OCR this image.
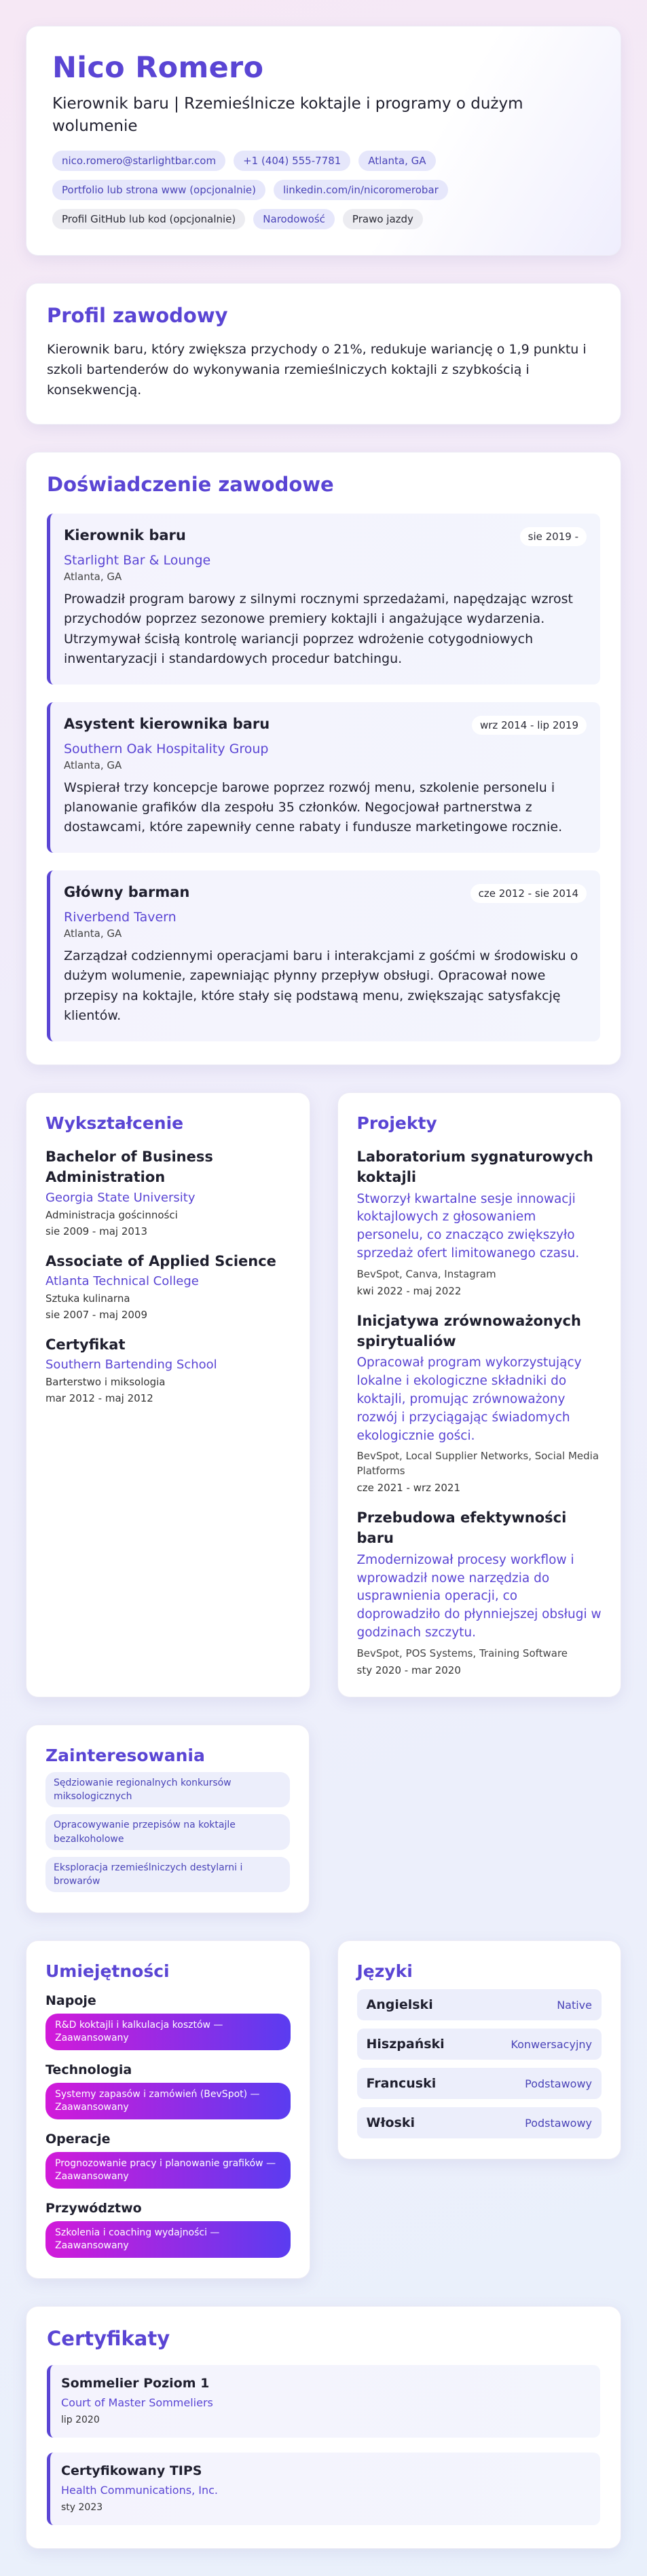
Nico Romero
Kierownik baru | Rzemieślnicze koktajle i programy o dużym wolumenie
nico.romero@starlightbar.com	+1 (404) 555-7781	Atlanta, GA
Portfolio lub strona www (opcjonalnie)	linkedin.com/in/nicoromerobar
Profil GitHub lub kod (opcjonalnie)	Narodowość	Prawo jazdy
Profil zawodowy
Kierownik baru, który zwiększa przychody o 21%, redukuje wariancję o 1,9 punktu i szkoli bartenderów do wykonywania rzemieślniczych koktajli z szybkością i konsekwencją.
Doświadczenie zawodowe
Kierownik baru	sie 2019 -
Starlight Bar & Lounge
Atlanta, GA
Prowadził program barowy z silnymi rocznymi sprzedażami, napędzając wzrost przychodów poprzez sezonowe premiery koktajli i angażujące wydarzenia. Utrzymywał ścisłą kontrolę wariancji poprzez wdrożenie cotygodniowych inwentaryzacji i standardowych procedur batchingu.
Asystent kierownika baru	wrz 2014 - lip 2019
Southern Oak Hospitality Group
Atlanta, GA
Wspierał trzy koncepcje barowe poprzez rozwój menu, szkolenie personelu i planowanie grafików dla zespołu 35 członków. Negocjował partnerstwa z dostawcami, które zapewniły cenne rabaty i fundusze marketingowe rocznie.
Główny barman	cze 2012 - sie 2014
Riverbend Tavern
Atlanta, GA
Zarządzał codziennymi operacjami baru i interakcjami z gośćmi w środowisku o dużym wolumenie, zapewniając płynny przepływ obsługi. Opracował nowe przepisy na koktajle, które stały się podstawą menu, zwiększając satysfakcję klientów.
Wykształcenie
Bachelor of Business Administration
Georgia State University
Administracja gościnności
sie 2009 - maj 2013
Associate of Applied Science
Atlanta Technical College
Sztuka kulinarna
sie 2007 - maj 2009
Certyfikat
Southern Bartending School
Barterstwo i miksologia
mar 2012 - maj 2012
Projekty
Laboratorium sygnaturowych koktajli
Stworzył kwartalne sesje innowacji koktajlowych z głosowaniem personelu, co znacząco zwiększyło sprzedaż ofert limitowanego czasu.
BevSpot, Canva, Instagram
kwi 2022 - maj 2022
Inicjatywa zrównoważonych spirytualiów
Opracował program wykorzystujący lokalne i ekologiczne składniki do koktajli, promując zrównoważony rozwój i przyciągając świadomych ekologicznie gości.
BevSpot, Local Supplier Networks, Social Media Platforms
cze 2021 - wrz 2021
Przebudowa efektywności baru
Zmodernizował procesy workflow i wprowadził nowe narzędzia do usprawnienia operacji, co doprowadziło do płynniejszej obsługi w godzinach szczytu.
BevSpot, POS Systems, Training Software
sty 2020 - mar 2020
Zainteresowania
Sędziowanie regionalnych konkursów miksologicznych
Opracowywanie przepisów na koktajle bezalkoholowe
Eksploracja rzemieślniczych destylarni i browarów
Umiejętności
Napoje
R&D koktajli i kalkulacja kosztów — Zaawansowany
Technologia
Systemy zapasów i zamówień (BevSpot) — Zaawansowany
Operacje
Prognozowanie pracy i planowanie grafików — Zaawansowany
Przywództwo
Szkolenia i coaching wydajności — Zaawansowany
Języki
Angielski	Native
Hiszpański	Konwersacyjny
Francuski	Podstawowy
Włoski	Podstawowy
Certyfikaty
Sommelier Poziom 1
Court of Master Sommeliers
lip 2020
Certyfikowany TIPS
Health Communications, Inc.
sty 2023
